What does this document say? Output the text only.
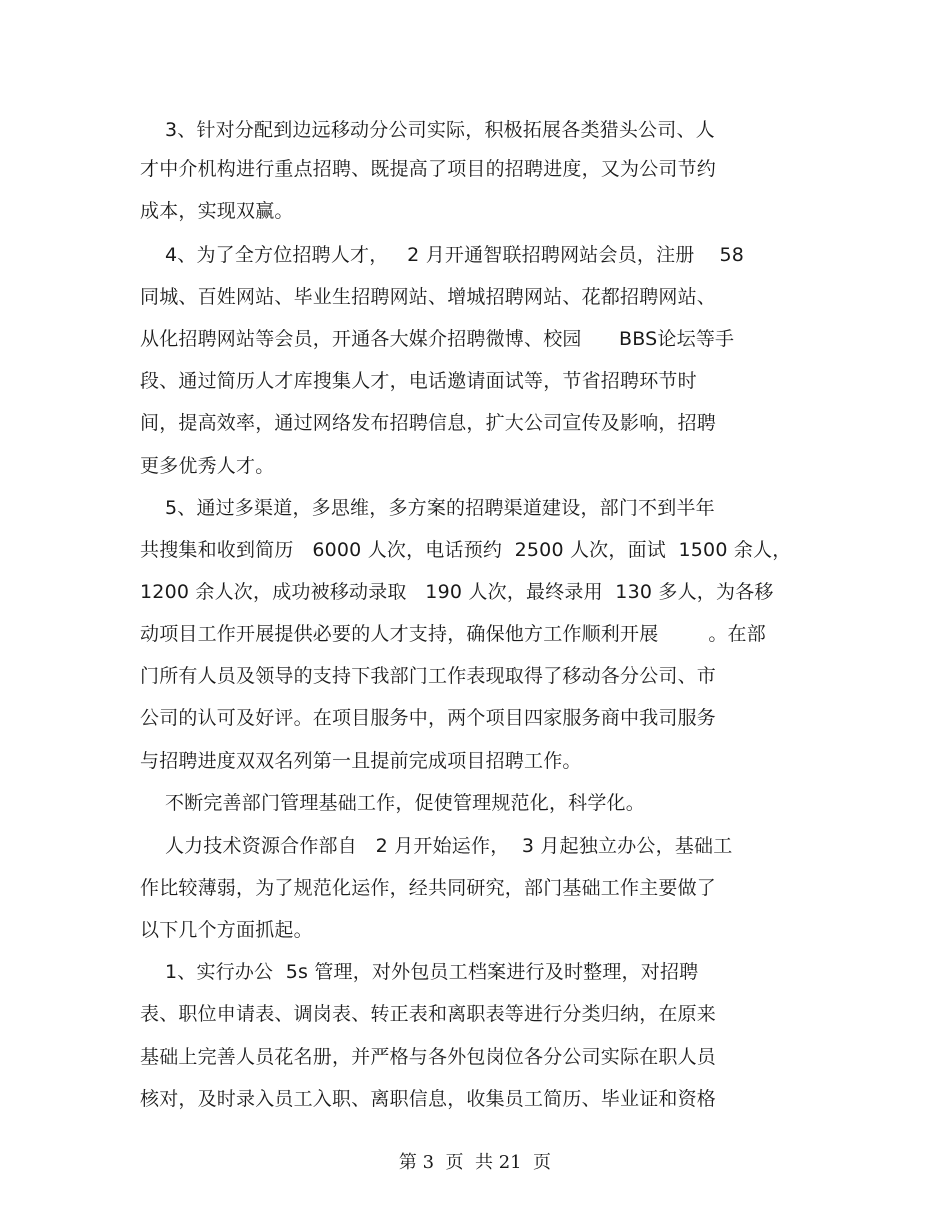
3、针对分配到边远移动分公司实际，积极拓展各类猎头公司、人
才中介机构进行重点招聘、既提高了项目的招聘进度，又为公司节约
成本，实现双赢。
4、为了全方位招聘人才，   2 月开通智联招聘网站会员，注册    58
同城、百姓网站、毕业生招聘网站、增城招聘网站、花都招聘网站、
从化招聘网站等会员，开通各大媒介招聘微博、校园      BBS论坛等手
段、通过简历人才库搜集人才，电话邀请面试等，节省招聘环节时
间，提高效率，通过网络发布招聘信息，扩大公司宣传及影响，招聘
更多优秀人才。
5、通过多渠道，多思维，多方案的招聘渠道建设，部门不到半年
共搜集和收到简历   6000 人次，电话预约  2500 人次，面试  1500 余人，
1200 余人次，成功被移动录取   190 人次，最终录用  130 多人，为各移
动项目工作开展提供必要的人才支持，确保他方工作顺利开展        。在部
门所有人员及领导的支持下我部门工作表现取得了移动各分公司、市
公司的认可及好评。在项目服务中，两个项目四家服务商中我司服务
与招聘进度双双名列第一且提前完成项目招聘工作。
不断完善部门管理基础工作，促使管理规范化，科学化。
人力技术资源合作部自   2 月开始运作，  3 月起独立办公，基础工
作比较薄弱，为了规范化运作，经共同研究，部门基础工作主要做了
以下几个方面抓起。
1、实行办公  5s 管理，对外包员工档案进行及时整理，对招聘
表、职位申请表、调岗表、转正表和离职表等进行分类归纳，在原来
基础上完善人员花名册，并严格与各外包岗位各分公司实际在职人员
核对，及时录入员工入职、离职信息，收集员工简历、毕业证和资格
第 3  页  共 21  页
